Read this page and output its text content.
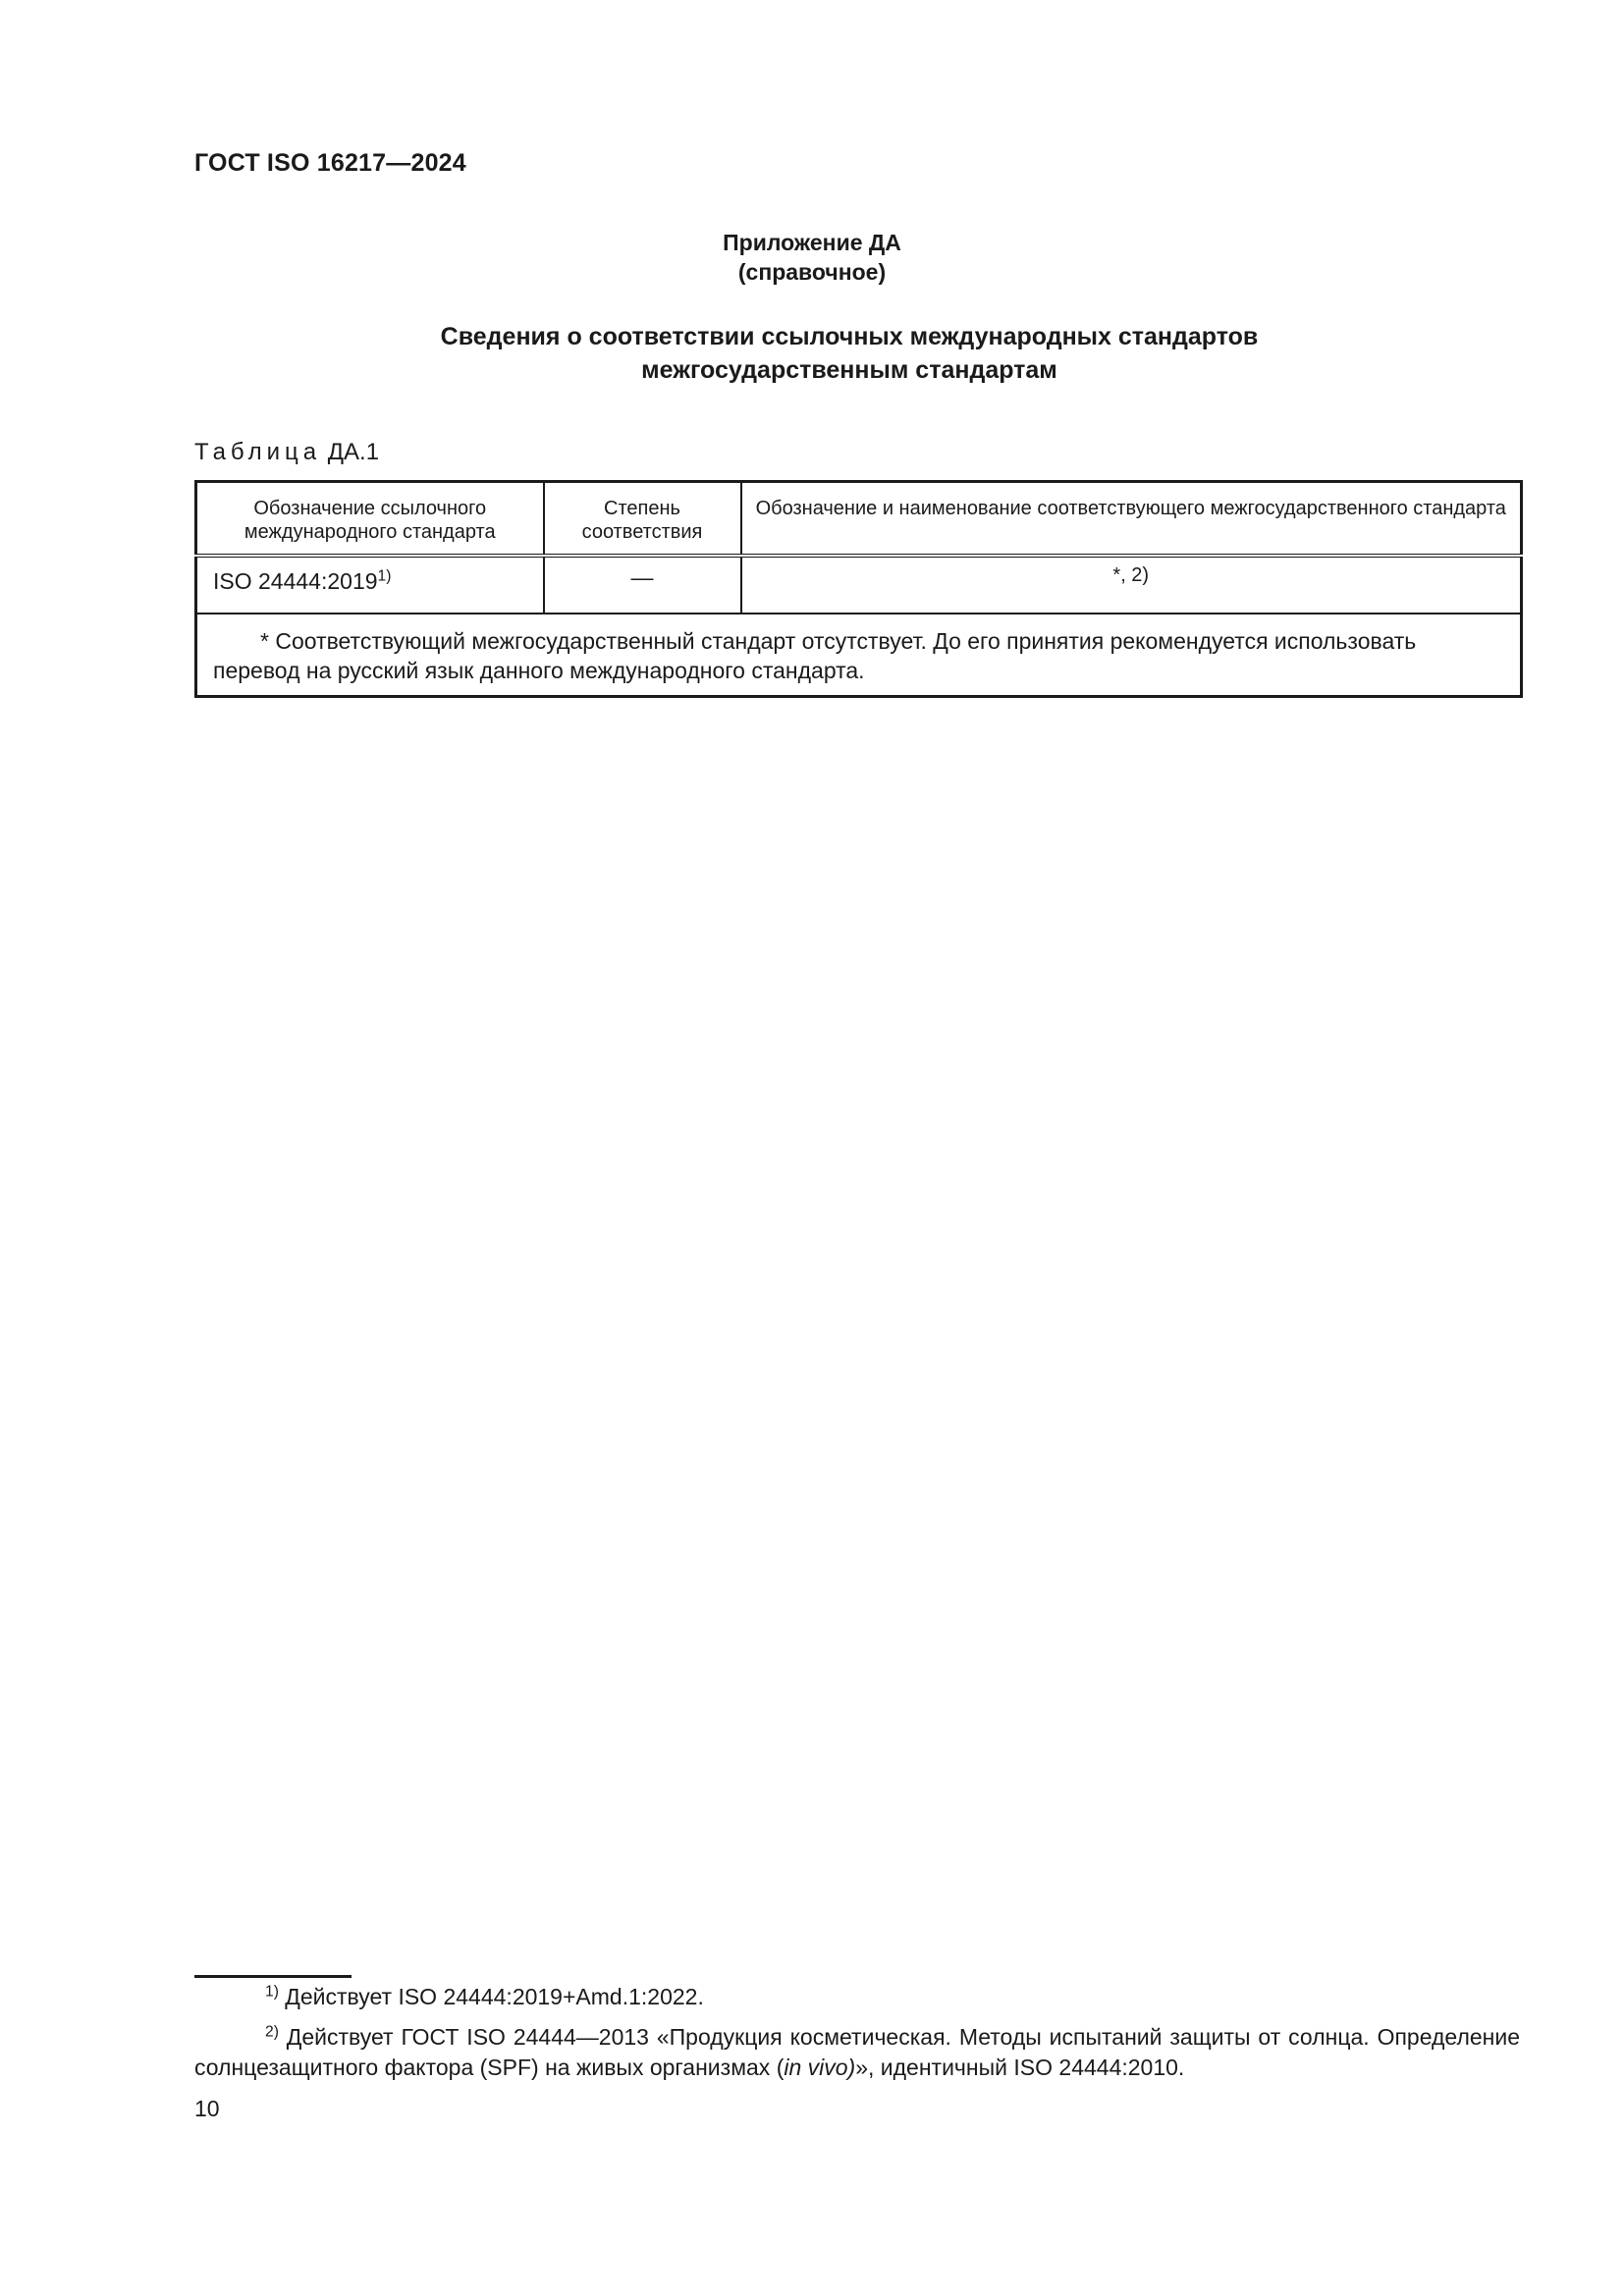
ГОСТ ISO 16217—2024
Приложение ДА
(справочное)
Сведения о соответствии ссылочных международных стандартов
межгосударственным стандартам
Таблица ДА.1
Обозначение ссылочного международного стандарта	Степень соответствия	Обозначение и наименование соответствующего межгосударственного стандарта
ISO 24444:2019$^{1)}$	—	*, 2)
* Соответствующий межгосударственный стандарт отсутствует. До его принятия рекомендуется использовать перевод на русский язык данного международного стандарта.		
$^{1)}$ Действует ISO 24444:2019+Amd.1:2022.
$^{2)}$ Действует ГОСТ ISO 24444—2013 «Продукция косметическая. Методы испытаний защиты от солнца. Определение солнцезащитного фактора (SPF) на живых организмах (in vivo)», идентичный ISO 24444:2010.
10
